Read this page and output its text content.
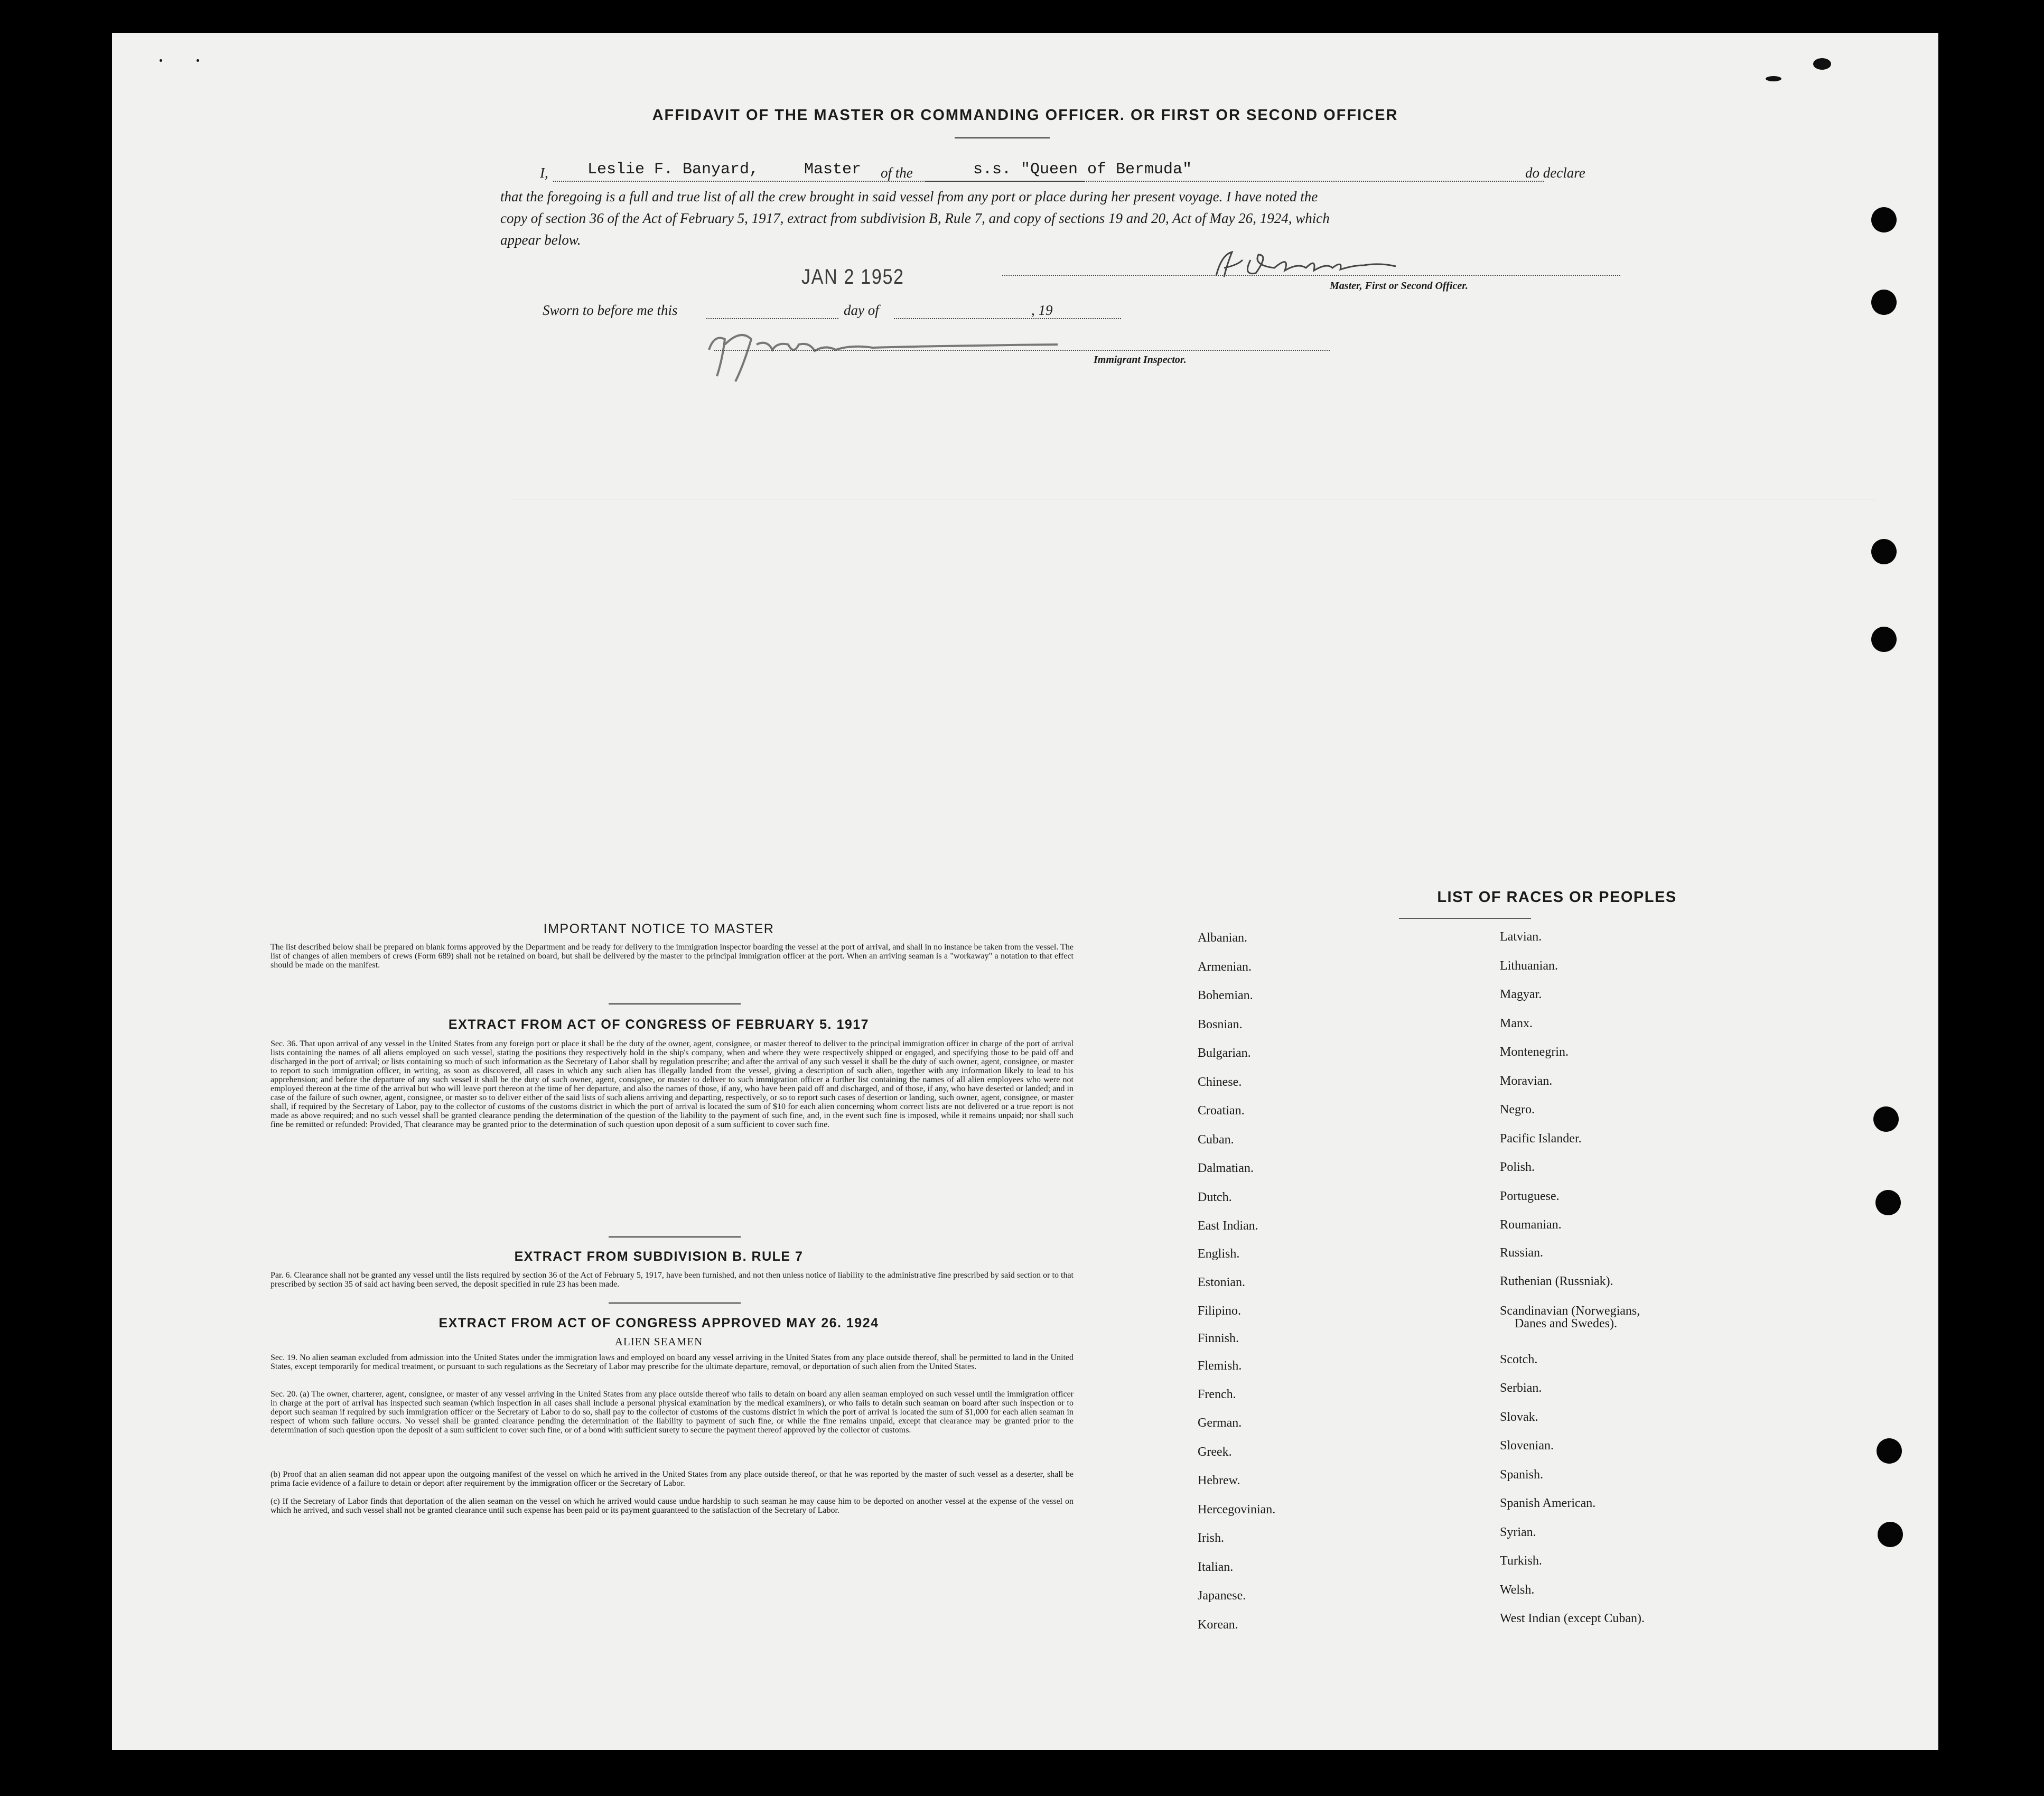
AFFIDAVIT OF THE MASTER OR COMMANDING OFFICER. OR FIRST OR SECOND OFFICER
I, Leslie F. Banyard,	Master of the	s.s. "Queen of Bermuda"	do declare
that the foregoing is a full and true list of all the crew brought in said vessel from any port or place during her present voyage. I have noted the
copy of section 36 of the Act of February 5, 1917, extract from subdivision B, Rule 7, and copy of sections 19 and 20, Act of May 26, 1924, which
appear below.
JAN 2 1952	Master, First or Second Officer.
Sworn to before me this	day of	, 19
Immigrant Inspector.
IMPORTANT NOTICE TO MASTER
The list described below shall be prepared on blank forms approved by the Department and be ready for delivery to the immigration inspector boarding the vessel at the port of arrival, and shall in no instance be taken from the vessel. The list of changes of alien members of crews (Form 689) shall not be retained on board, but shall be delivered by the master to the principal immigration officer at the port. When an arriving seaman is a "workaway" a notation to that effect should be made on the manifest.
EXTRACT FROM ACT OF CONGRESS OF FEBRUARY 5. 1917
Sec. 36. That upon arrival of any vessel in the United States from any foreign port or place it shall be the duty of the owner, agent, consignee, or master thereof to deliver to the principal immigration officer in charge of the port of arrival lists containing the names of all aliens employed on such vessel, stating the positions they respectively hold in the ship's company, when and where they were respectively shipped or engaged, and specifying those to be paid off and discharged in the port of arrival; or lists containing so much of such information as the Secretary of Labor shall by regulation prescribe; and after the arrival of any such vessel it shall be the duty of such owner, agent, consignee, or master to report to such immigration officer, in writing, as soon as discovered, all cases in which any such alien has illegally landed from the vessel, giving a description of such alien, together with any information likely to lead to his apprehension; and before the departure of any such vessel it shall be the duty of such owner, agent, consignee, or master to deliver to such immigration officer a further list containing the names of all alien employees who were not employed thereon at the time of the arrival but who will leave port thereon at the time of her departure, and also the names of those, if any, who have been paid off and discharged, and of those, if any, who have deserted or landed; and in case of the failure of such owner, agent, consignee, or master so to deliver either of the said lists of such aliens arriving and departing, respectively, or so to report such cases of desertion or landing, such owner, agent, consignee, or master shall, if required by the Secretary of Labor, pay to the collector of customs of the customs district in which the port of arrival is located the sum of $10 for each alien concerning whom correct lists are not delivered or a true report is not made as above required; and no such vessel shall be granted clearance pending the determination of the question of the liability to the payment of such fine, and, in the event such fine is imposed, while it remains unpaid; nor shall such fine be remitted or refunded: Provided, That clearance may be granted prior to the determination of such question upon deposit of a sum sufficient to cover such fine.
EXTRACT FROM SUBDIVISION B. RULE 7
Par. 6. Clearance shall not be granted any vessel until the lists required by section 36 of the Act of February 5, 1917, have been furnished, and not then unless notice of liability to the administrative fine prescribed by said section or to that prescribed by section 35 of said act having been served, the deposit specified in rule 23 has been made.
EXTRACT FROM ACT OF CONGRESS APPROVED MAY 26. 1924
ALIEN SEAMEN
Sec. 19. No alien seaman excluded from admission into the United States under the immigration laws and employed on board any vessel arriving in the United States from any place outside thereof, shall be permitted to land in the United States, except temporarily for medical treatment, or pursuant to such regulations as the Secretary of Labor may prescribe for the ultimate departure, removal, or deportation of such alien from the United States.
Sec. 20. (a) The owner, charterer, agent, consignee, or master of any vessel arriving in the United States from any place outside thereof who fails to detain on board any alien seaman employed on such vessel until the immigration officer in charge at the port of arrival has inspected such seaman (which inspection in all cases shall include a personal physical examination by the medical examiners), or who fails to detain such seaman on board after such inspection or to deport such seaman if required by such immigration officer or the Secretary of Labor to do so, shall pay to the collector of customs of the customs district in which the port of arrival is located the sum of $1,000 for each alien seaman in respect of whom such failure occurs. No vessel shall be granted clearance pending the determination of the liability to payment of such fine, or while the fine remains unpaid, except that clearance may be granted prior to the determination of such question upon the deposit of a sum sufficient to cover such fine, or of a bond with sufficient surety to secure the payment thereof approved by the collector of customs.
(b) Proof that an alien seaman did not appear upon the outgoing manifest of the vessel on which he arrived in the United States from any place outside thereof, or that he was reported by the master of such vessel as a deserter, shall be prima facie evidence of a failure to detain or deport after requirement by the immigration officer or the Secretary of Labor.
(c) If the Secretary of Labor finds that deportation of the alien seaman on the vessel on which he arrived would cause undue hardship to such seaman he may cause him to be deported on another vessel at the expense of the vessel on which he arrived, and such vessel shall not be granted clearance until such expense has been paid or its payment guaranteed to the satisfaction of the Secretary of Labor.
LIST OF RACES OR PEOPLES
Albanian.
Armenian.
Bohemian.
Bosnian.
Bulgarian.
Chinese.
Croatian.
Cuban.
Dalmatian.
Dutch.
East Indian.
English.
Estonian.
Filipino.
Finnish.
Flemish.
French.
German.
Greek.
Hebrew.
Hercegovinian.
Irish.
Italian.
Japanese.
Korean.
Latvian.
Lithuanian.
Magyar.
Manx.
Montenegrin.
Moravian.
Negro.
Pacific Islander.
Polish.
Portuguese.
Roumanian.
Russian.
Ruthenian (Russniak).
Scandinavian (Norwegians,
Danes and Swedes).
Scotch.
Serbian.
Slovak.
Slovenian.
Spanish.
Spanish American.
Syrian.
Turkish.
Welsh.
West Indian (except Cuban).
